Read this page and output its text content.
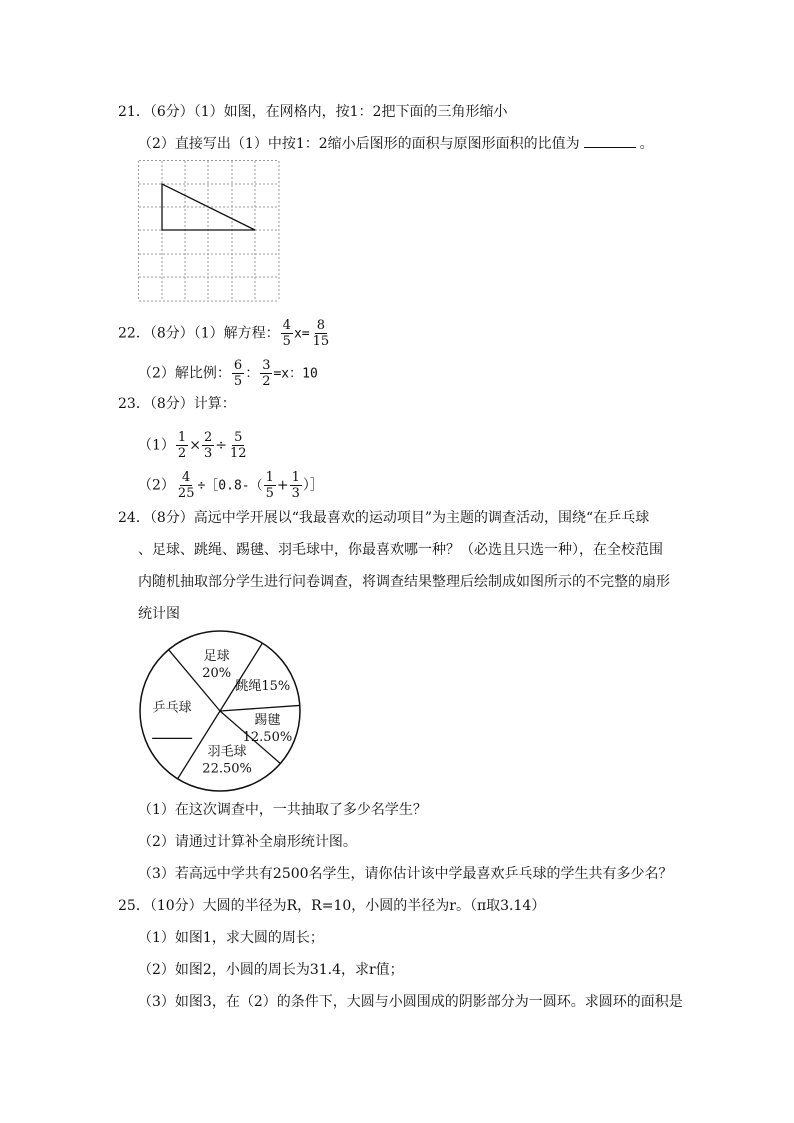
21．（6分）（1）如图，在网格内，按1：2把下面的三角形缩小
（2）直接写出（1）中按1：2缩小后图形的面积与原图形面积的比值为	。
22．（8分）（1）解方程： $\frac{4}{5} x= \frac{8}{15}$
（2）解比例： $\frac{6}{5}$ ： $\frac{3}{2} =x$：10
23．（8分）计算：
$(1) \frac{1}{2} \times \frac{2}{3} \div \frac{5}{12}$
$(2) \frac{4}{25}$ ÷［0.8-（ $\frac{1}{5} + \frac{1}{3}$ ）］
24．（8分）高远中学开展以“我最喜欢的运动项目”为主题的调查活动，围绕“在乒乓球
、足球、跳绳、踢毽、羽毛球中，你最喜欢哪一种？（必选且只选一种），在全校范围
内随机抽取部分学生进行问卷调查，将调查结果整理后绘制成如图所示的不完整的扇形
统计图
足球
20%
跳绳15%
踢毽
12.50%
羽毛球
22.50%
乒乓球
（1）在这次调查中，一共抽取了多少名学生？
（2）请通过计算补全扇形统计图。
（3）若高远中学共有2500名学生，请你估计该中学最喜欢乒乓球的学生共有多少名？
25．（10分）大圆的半径为R，R=10，小圆的半径为r。（π取3.14）
（1）如图1，求大圆的周长；
（2）如图2，小圆的周长为31.4，求r值；
（3）如图3，在（2）的条件下，大圆与小圆围成的阴影部分为一圆环。求圆环的面积是
